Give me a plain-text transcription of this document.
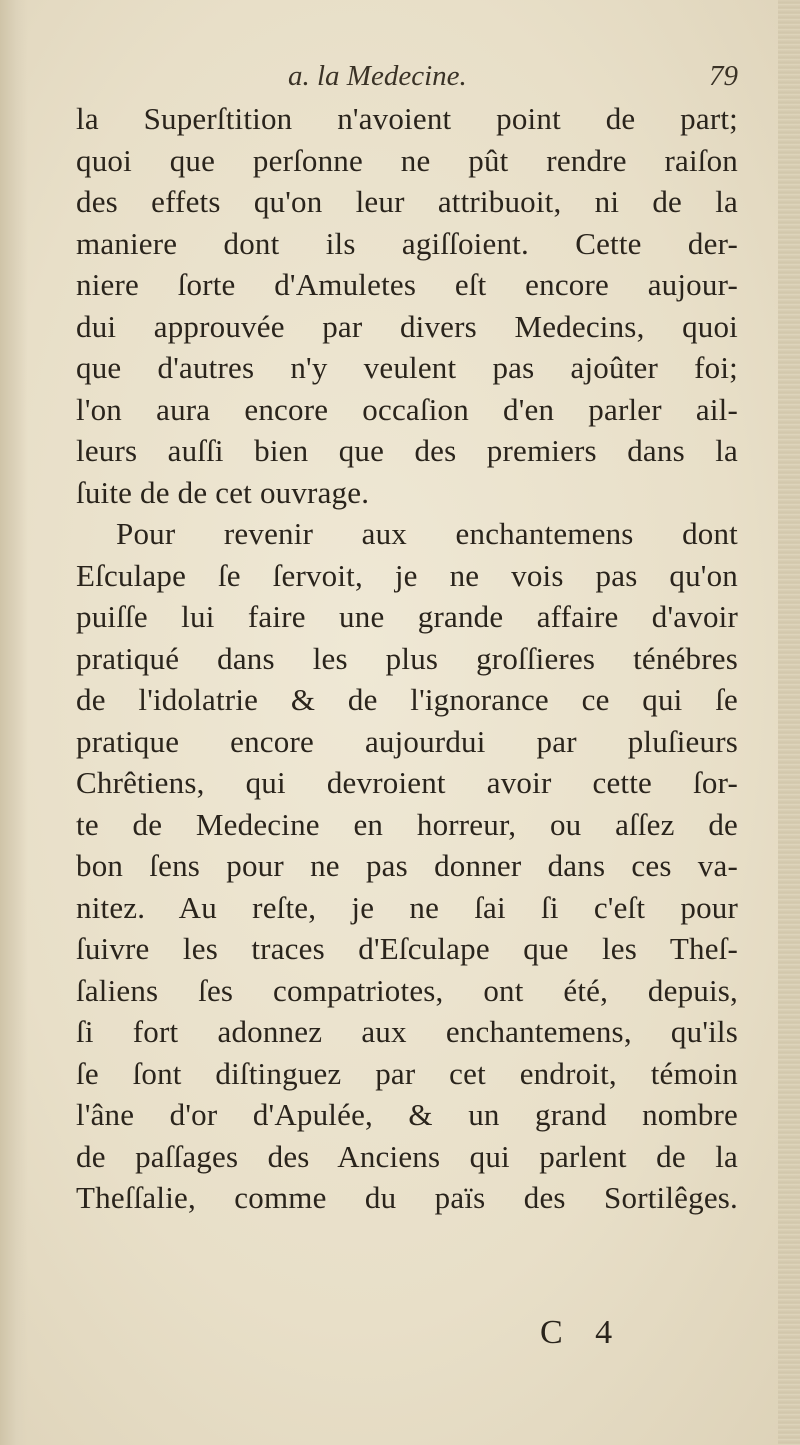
a. la Medecine.	79
la Superſtition n'avoient point de part;
quoi que perſonne ne pût rendre raiſon
des effets qu'on leur attribuoit, ni de la
maniere dont ils agiſſoient. Cette der-
niere ſorte d'Amuletes eſt encore aujour-
dui approuvée par divers Medecins, quoi
que d'autres n'y veulent pas ajoûter foi;
l'on aura encore occaſion d'en parler ail-
leurs auſſi bien que des premiers dans la
ſuite de de cet ouvrage.
Pour revenir aux enchantemens dont
Eſculape ſe ſervoit, je ne vois pas qu'on
puiſſe lui faire une grande affaire d'avoir
pratiqué dans les plus groſſieres ténébres
de l'idolatrie & de l'ignorance ce qui ſe
pratique encore aujourdui par pluſieurs
Chrêtiens, qui devroient avoir cette ſor-
te de Medecine en horreur, ou aſſez de
bon ſens pour ne pas donner dans ces va-
nitez. Au reſte, je ne ſai ſi c'eſt pour
ſuivre les traces d'Eſculape que les Theſ-
ſaliens ſes compatriotes, ont été, depuis,
ſi fort adonnez aux enchantemens, qu'ils
ſe ſont diſtinguez par cet endroit, témoin
l'âne d'or d'Apulée, & un grand nombre
de paſſages des Anciens qui parlent de la
Theſſalie, comme du païs des Sortilêges.
C 4
